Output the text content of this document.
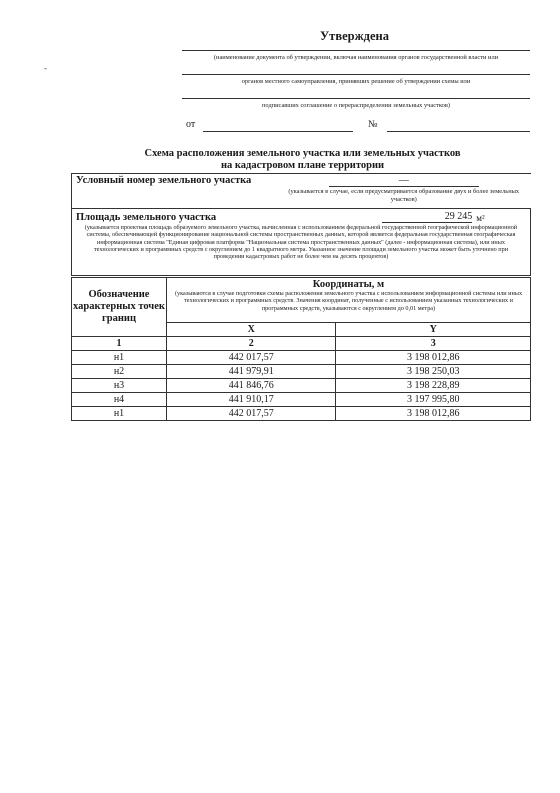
Утверждена
-
(наименование документа об утверждении, включая наименования органов государственной власти или
органов местного самоуправления, принявших решение об утверждении схемы или
подписавших соглашение о перераспределении земельных участков)
от	№
Схема расположения земельного участка или земельных участков на кадастровом плане территории
Условный номер земельного участка	—
(указывается в случае, если предусматривается образование двух и более земельных участков)

Площадь земельного участка	29 245 м²
(указывается проектная площадь образуемого земельного участка, вычисленная с использованием федеральной государственной географической информационной системы, обеспечивающей функционирование национальной системы пространственных данных, которой является федеральная государственная географическая информационная система "Единая цифровая платформа "Национальная система пространственных данных" (далее - информационная система), или иных технологических и программных средств с округлением до 1 квадратного метра. Указанное значение площади земельного участка может быть уточнено при проведении кадастровых работ не более чем на десять процентов)
Обозначение характерных точек границ	Координаты, м
(указываются в случае подготовки схемы расположения земельного участка с использованием информационной системы или иных технологических и программных средств. Значения координат, полученные с использованием указанных технологических и программных средств, указываются с округлением до 0,01 метра)	

	X	Y
1	2	3
н1	442 017,57	3 198 012,86
н2	441 979,91	3 198 250,03
н3	441 846,76	3 198 228,89
н4	441 910,17	3 197 995,80
н1	442 017,57	3 198 012,86
